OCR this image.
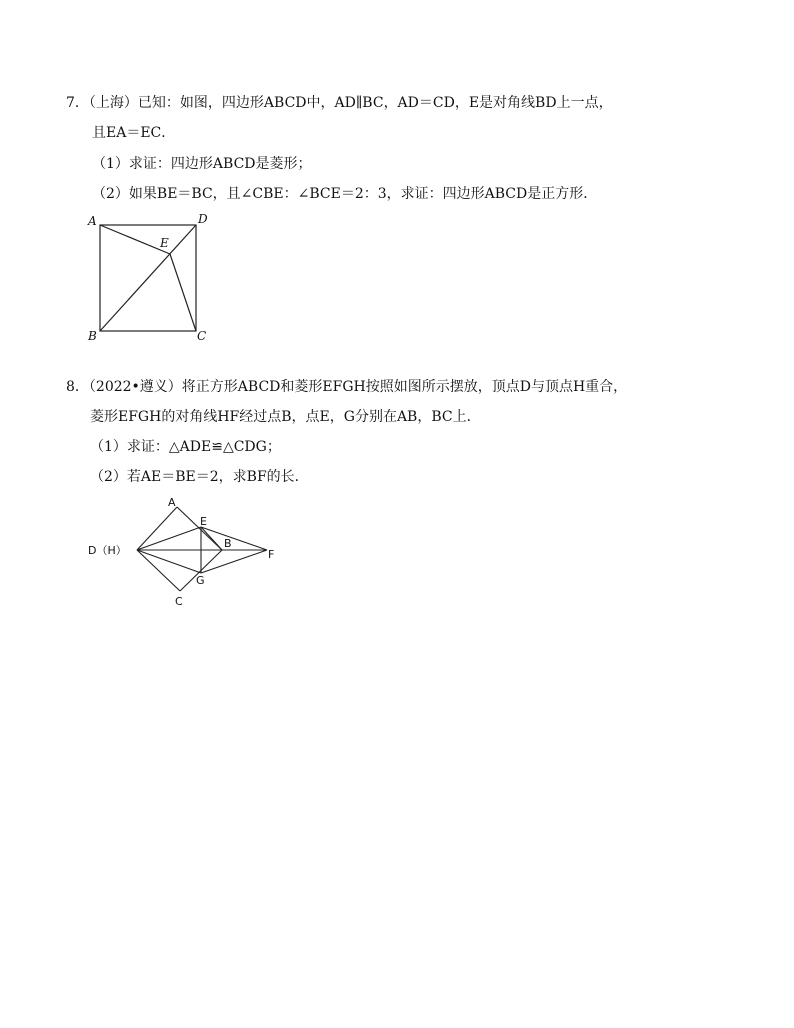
7．（上海）已知：如图，四边形ABCD中，AD∥BC，AD＝CD，E是对角线BD上一点，
且EA＝EC．
（1）求证：四边形ABCD是菱形；
（2）如果BE＝BC，且∠CBE：∠BCE＝2：3，求证：四边形ABCD是正方形．
A	D
E
B	C
8．（2022•遵义）将正方形ABCD和菱形EFGH按照如图所示摆放，顶点D与顶点H重合，
菱形EFGH的对角线HF经过点B，点E，G分别在AB，BC上．
（1）求证：△ADE≌△CDG；
（2）若AE＝BE＝2，求BF的长．
D（H）
A
E
B
F
G
C
